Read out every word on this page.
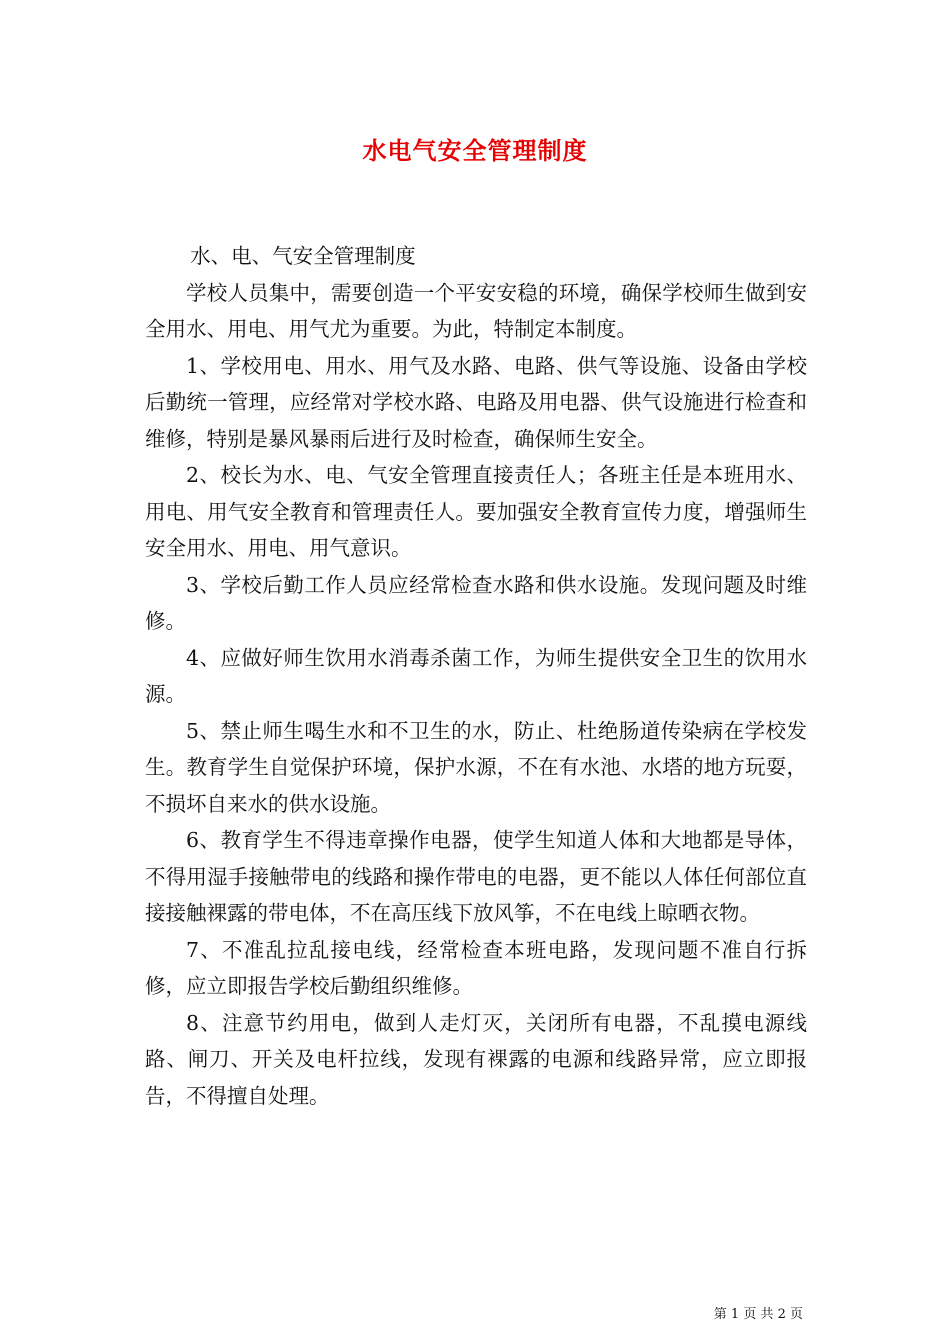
水电气安全管理制度

水、电、气安全管理制度

学校人员集中，需要创造一个平安安稳的环境，确保学校师生做到安全用水、用电、用气尤为重要。为此，特制定本制度。

1、学校用电、用水、用气及水路、电路、供气等设施、设备由学校后勤统一管理，应经常对学校水路、电路及用电器、供气设施进行检查和维修，特别是暴风暴雨后进行及时检查，确保师生安全。

2、校长为水、电、气安全管理直接责任人；各班主任是本班用水、用电、用气安全教育和管理责任人。要加强安全教育宣传力度，增强师生安全用水、用电、用气意识。

3、学校后勤工作人员应经常检查水路和供水设施。发现问题及时维修。

4、应做好师生饮用水消毒杀菌工作，为师生提供安全卫生的饮用水源。

5、禁止师生喝生水和不卫生的水，防止、杜绝肠道传染病在学校发生。教育学生自觉保护环境，保护水源，不在有水池、水塔的地方玩耍，不损坏自来水的供水设施。

6、教育学生不得违章操作电器，使学生知道人体和大地都是导体，不得用湿手接触带电的线路和操作带电的电器，更不能以人体任何部位直接接触裸露的带电体，不在高压线下放风筝，不在电线上晾晒衣物。

7、不准乱拉乱接电线，经常检查本班电路，发现问题不准自行拆修，应立即报告学校后勤组织维修。

8、注意节约用电，做到人走灯灭，关闭所有电器，不乱摸电源线路、闸刀、开关及电杆拉线，发现有裸露的电源和线路异常，应立即报告，不得擅自处理。

第 1 页 共 2 页
